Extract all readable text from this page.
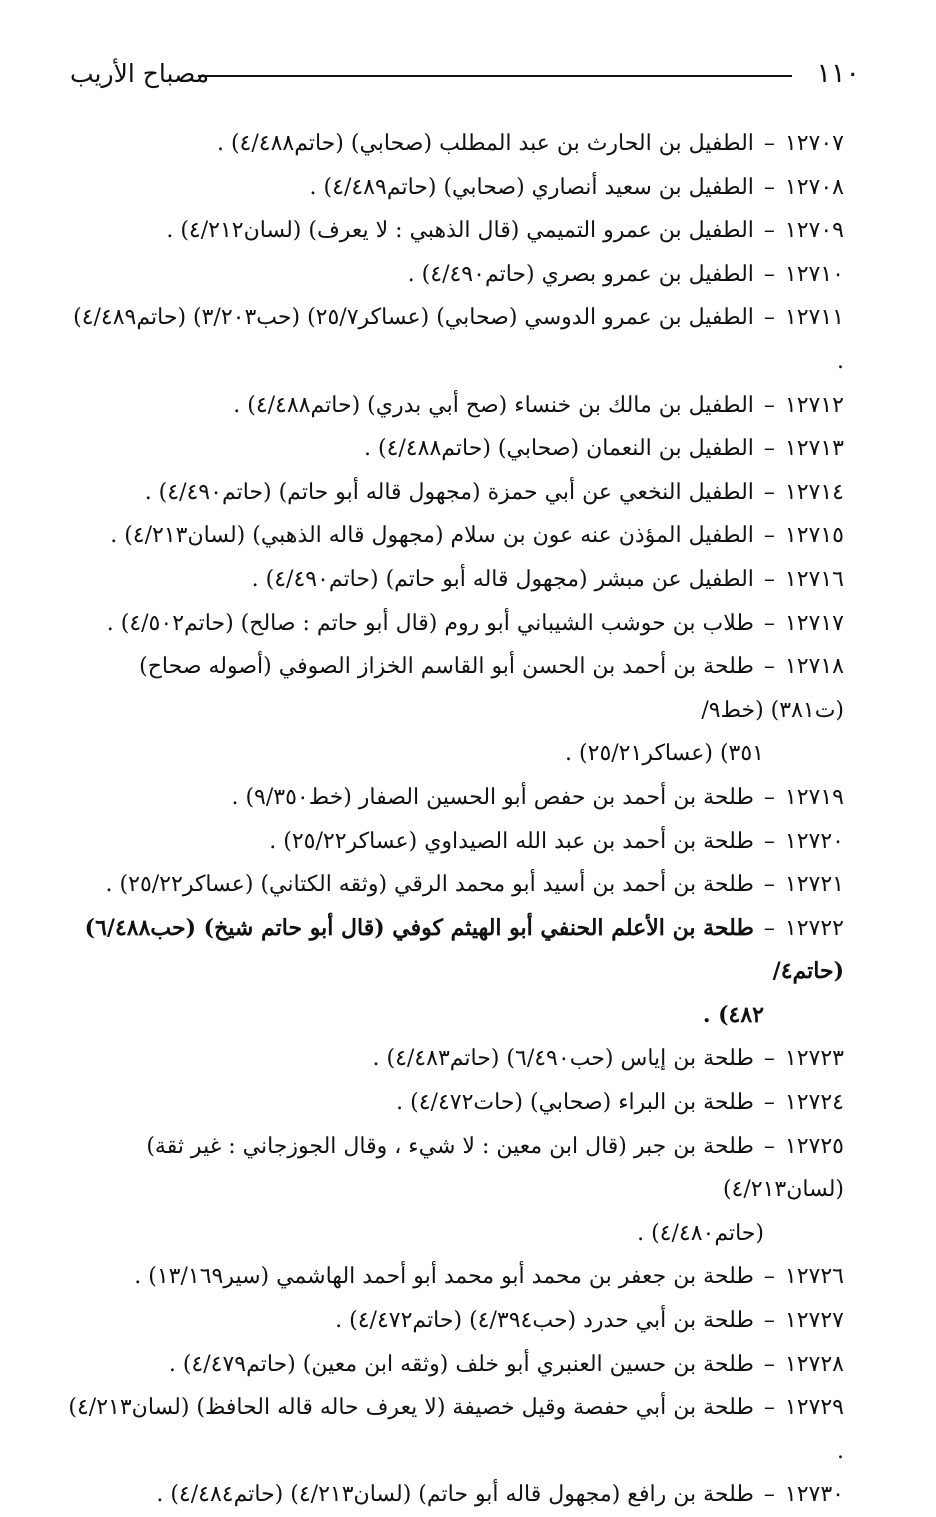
١١٠
مصباح الأريب

١٢٧٠٧–الطفيل بن الحارث بن عبد المطلب (صحابي) (حاتم٤/٤٨٨) .

١٢٧٠٨–الطفيل بن سعيد أنصاري (صحابي) (حاتم٤/٤٨٩) .

١٢٧٠٩–الطفيل بن عمرو التميمي (قال الذهبي : لا يعرف) (لسان٤/٢١٢) .

١٢٧١٠–الطفيل بن عمرو بصري (حاتم٤/٤٩٠) .

١٢٧١١–الطفيل بن عمرو الدوسي (صحابي) (عساكر٢٥/٧) (حب٣/٢٠٣) (حاتم٤/٤٨٩) .

١٢٧١٢–الطفيل بن مالك بن خنساء (صح أبي بدري) (حاتم٤/٤٨٨) .

١٢٧١٣–الطفيل بن النعمان (صحابي) (حاتم٤/٤٨٨) .

١٢٧١٤–الطفيل النخعي عن أبي حمزة (مجهول قاله أبو حاتم) (حاتم٤/٤٩٠) .

١٢٧١٥–الطفيل المؤذن عنه عون بن سلام (مجهول قاله الذهبي) (لسان٤/٢١٣) .

١٢٧١٦–الطفيل عن مبشر (مجهول قاله أبو حاتم) (حاتم٤/٤٩٠) .

١٢٧١٧–طلاب بن حوشب الشيباني أبو روم (قال أبو حاتم : صالح) (حاتم٤/٥٠٢) .

١٢٧١٨–طلحة بن أحمد بن الحسن أبو القاسم الخزاز الصوفي (أصوله صحاح) (ت٣٨١) (خط٩/

٣٥١) (عساكر٢٥/٢١) .

١٢٧١٩–طلحة بن أحمد بن حفص أبو الحسين الصفار (خط٩/٣٥٠) .

١٢٧٢٠–طلحة بن أحمد بن عبد الله الصيداوي (عساكر٢٥/٢٢) .

١٢٧٢١–طلحة بن أحمد بن أسيد أبو محمد الرقي (وثقه الكتاني) (عساكر٢٥/٢٢) .

١٢٧٢٢–طلحة بن الأعلم الحنفي أبو الهيثم كوفي (قال أبو حاتم شيخ) (حب٦/٤٨٨) (حاتم٤/

٤٨٢) .

١٢٧٢٣–طلحة بن إياس (حب٦/٤٩٠) (حاتم٤/٤٨٣) .

١٢٧٢٤–طلحة بن البراء (صحابي) (حات٤/٤٧٢) .

١٢٧٢٥–طلحة بن جبر (قال ابن معين : لا شيء ، وقال الجوزجاني : غير ثقة) (لسان٤/٢١٣)

(حاتم٤/٤٨٠) .

١٢٧٢٦–طلحة بن جعفر بن محمد أبو محمد أبو أحمد الهاشمي (سير١٣/١٦٩) .

١٢٧٢٧–طلحة بن أبي حدرد (حب٤/٣٩٤) (حاتم٤/٤٧٢) .

١٢٧٢٨–طلحة بن حسين العنبري أبو خلف (وثقه ابن معين) (حاتم٤/٤٧٩) .

١٢٧٢٩–طلحة بن أبي حفصة وقيل خصيفة (لا يعرف حاله قاله الحافظ) (لسان٤/٢١٣) .

١٢٧٣٠–طلحة بن رافع (مجهول قاله أبو حاتم) (لسان٤/٢١٣) (حاتم٤/٤٨٤) .
